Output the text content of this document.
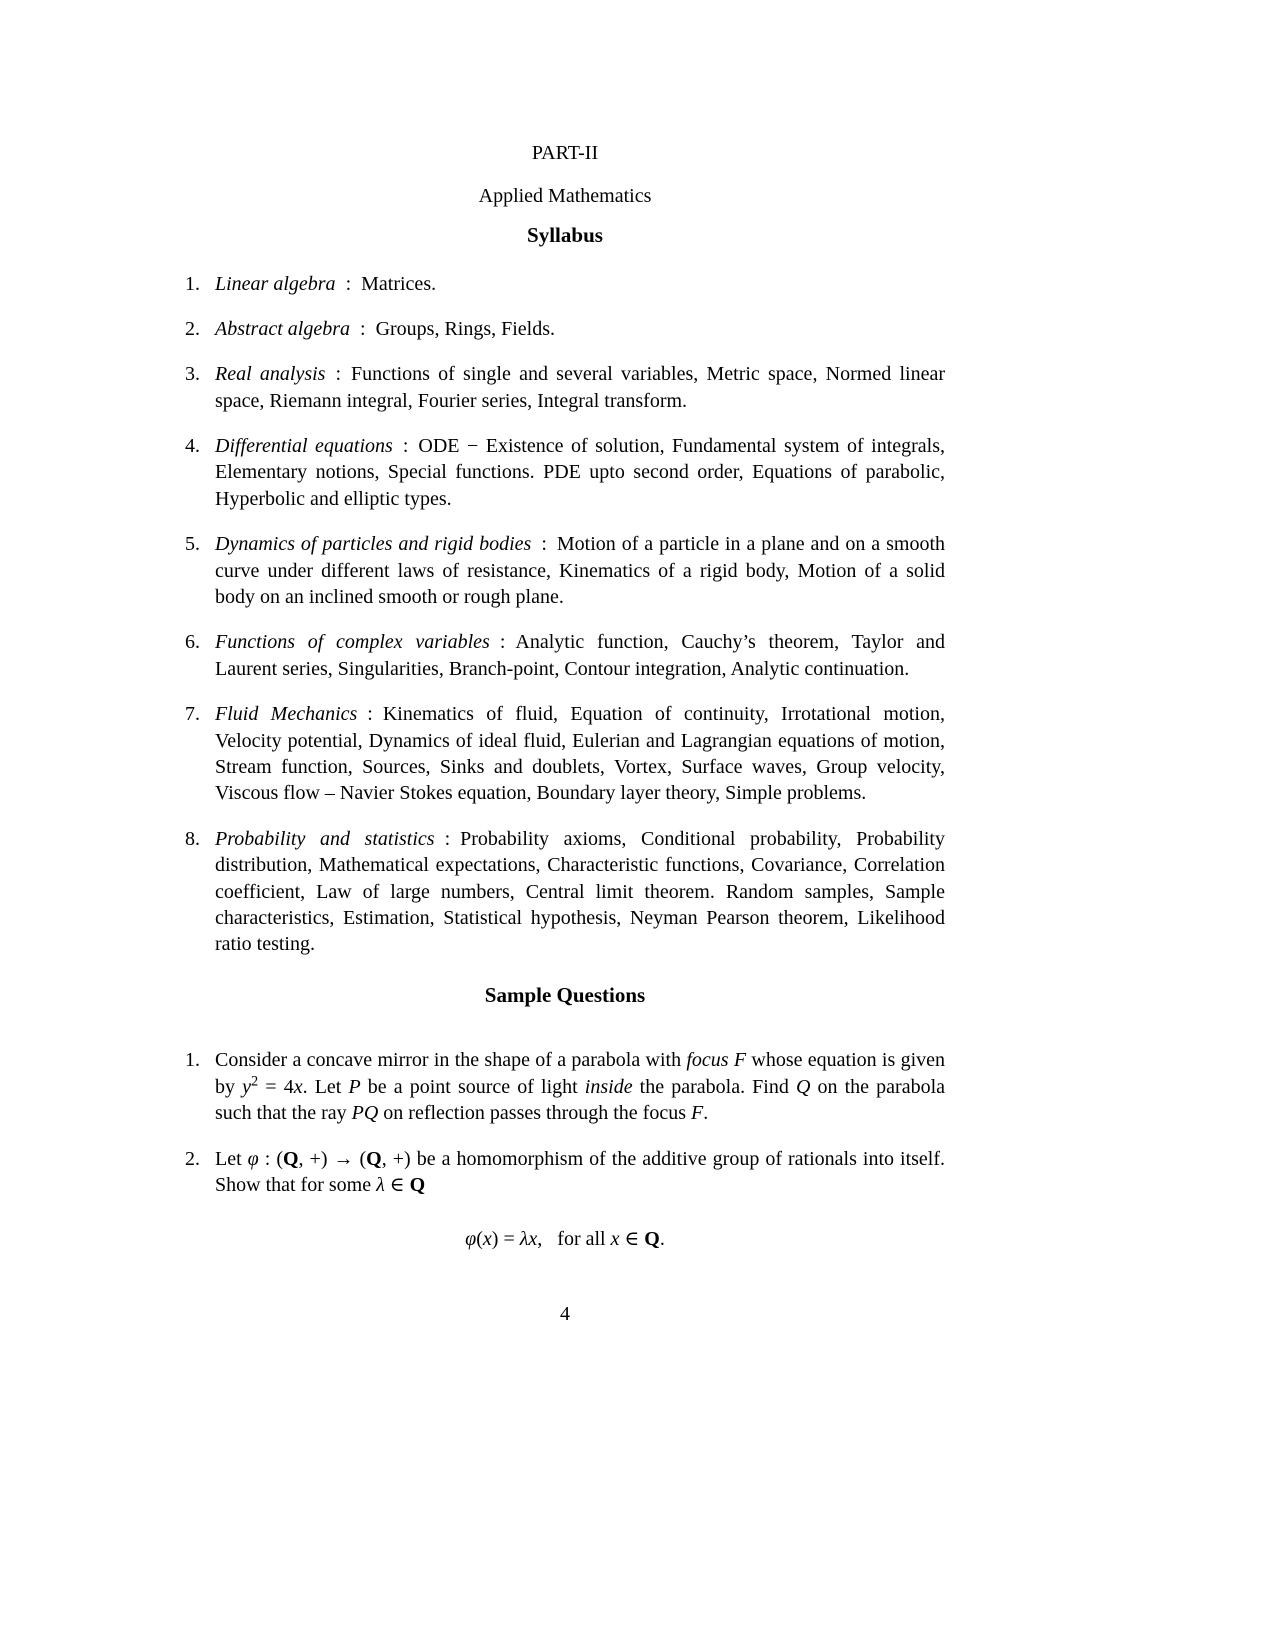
PART-II
Applied Mathematics
Syllabus
1. Linear algebra : Matrices.
2. Abstract algebra : Groups, Rings, Fields.
3. Real analysis : Functions of single and several variables, Metric space, Normed linear space, Riemann integral, Fourier series, Integral transform.
4. Differential equations : ODE − Existence of solution, Fundamental system of integrals, Elementary notions, Special functions. PDE upto second order, Equations of parabolic, Hyperbolic and elliptic types.
5. Dynamics of particles and rigid bodies : Motion of a particle in a plane and on a smooth curve under different laws of resistance, Kinematics of a rigid body, Motion of a solid body on an inclined smooth or rough plane.
6. Functions of complex variables : Analytic function, Cauchy’s theorem, Taylor and Laurent series, Singularities, Branch-point, Contour integration, Analytic continuation.
7. Fluid Mechanics : Kinematics of fluid, Equation of continuity, Irrotational motion, Velocity potential, Dynamics of ideal fluid, Eulerian and Lagrangian equations of motion, Stream function, Sources, Sinks and doublets, Vortex, Surface waves, Group velocity, Viscous flow – Navier Stokes equation, Boundary layer theory, Simple problems.
8. Probability and statistics : Probability axioms, Conditional probability, Probability distribution, Mathematical expectations, Characteristic functions, Covariance, Correlation coefficient, Law of large numbers, Central limit theorem. Random samples, Sample characteristics, Estimation, Statistical hypothesis, Neyman Pearson theorem, Likelihood ratio testing.
Sample Questions
1. Consider a concave mirror in the shape of a parabola with focus F whose equation is given by $y^2 = 4x$. Let P be a point source of light inside the parabola. Find Q on the parabola such that the ray PQ on reflection passes through the focus F.
2. Let φ : (Q, +) → (Q, +) be a homomorphism of the additive group of rationals into itself. Show that for some λ ∈ Q
φ(x) = λx,  for all x ∈ Q.
4
